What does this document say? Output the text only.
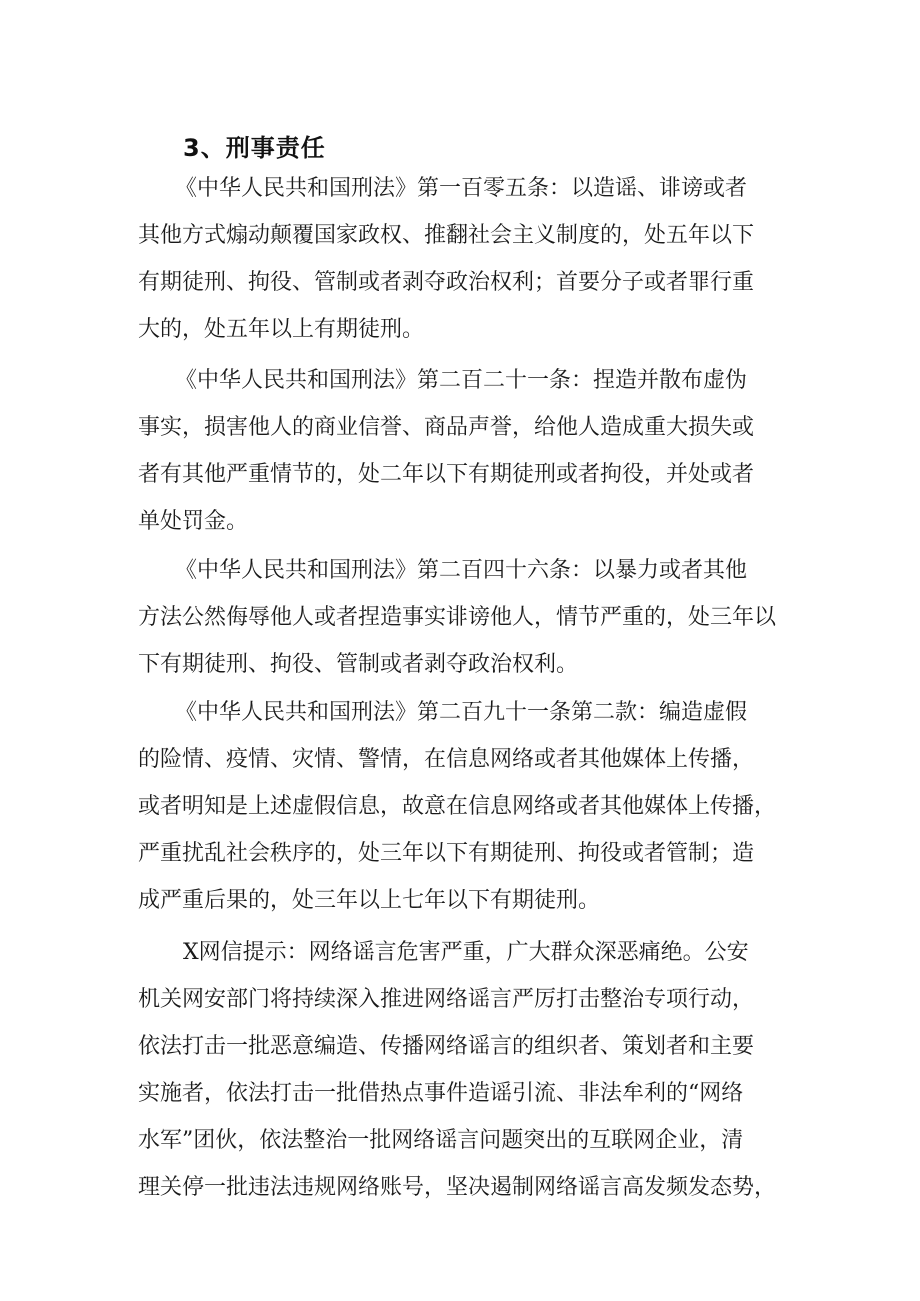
3、刑事责任
《中华人民共和国刑法》第一百零五条：以造谣、诽谤或者
其他方式煽动颠覆国家政权、推翻社会主义制度的，处五年以下
有期徒刑、拘役、管制或者剥夺政治权利；首要分子或者罪行重
大的，处五年以上有期徒刑。
《中华人民共和国刑法》第二百二十一条：捏造并散布虚伪
事实，损害他人的商业信誉、商品声誉，给他人造成重大损失或
者有其他严重情节的，处二年以下有期徒刑或者拘役，并处或者
单处罚金。
《中华人民共和国刑法》第二百四十六条：以暴力或者其他
方法公然侮辱他人或者捏造事实诽谤他人，情节严重的，处三年以
下有期徒刑、拘役、管制或者剥夺政治权利。
《中华人民共和国刑法》第二百九十一条第二款：编造虚假
的险情、疫情、灾情、警情，在信息网络或者其他媒体上传播，
或者明知是上述虚假信息，故意在信息网络或者其他媒体上传播，
严重扰乱社会秩序的，处三年以下有期徒刑、拘役或者管制；造
成严重后果的，处三年以上七年以下有期徒刑。
X网信提示：网络谣言危害严重，广大群众深恶痛绝。公安
机关网安部门将持续深入推进网络谣言严厉打击整治专项行动，
依法打击一批恶意编造、传播网络谣言的组织者、策划者和主要
实施者，依法打击一批借热点事件造谣引流、非法牟利的“网络
水军”团伙，依法整治一批网络谣言问题突出的互联网企业，清
理关停一批违法违规网络账号，坚决遏制网络谣言高发频发态势，
